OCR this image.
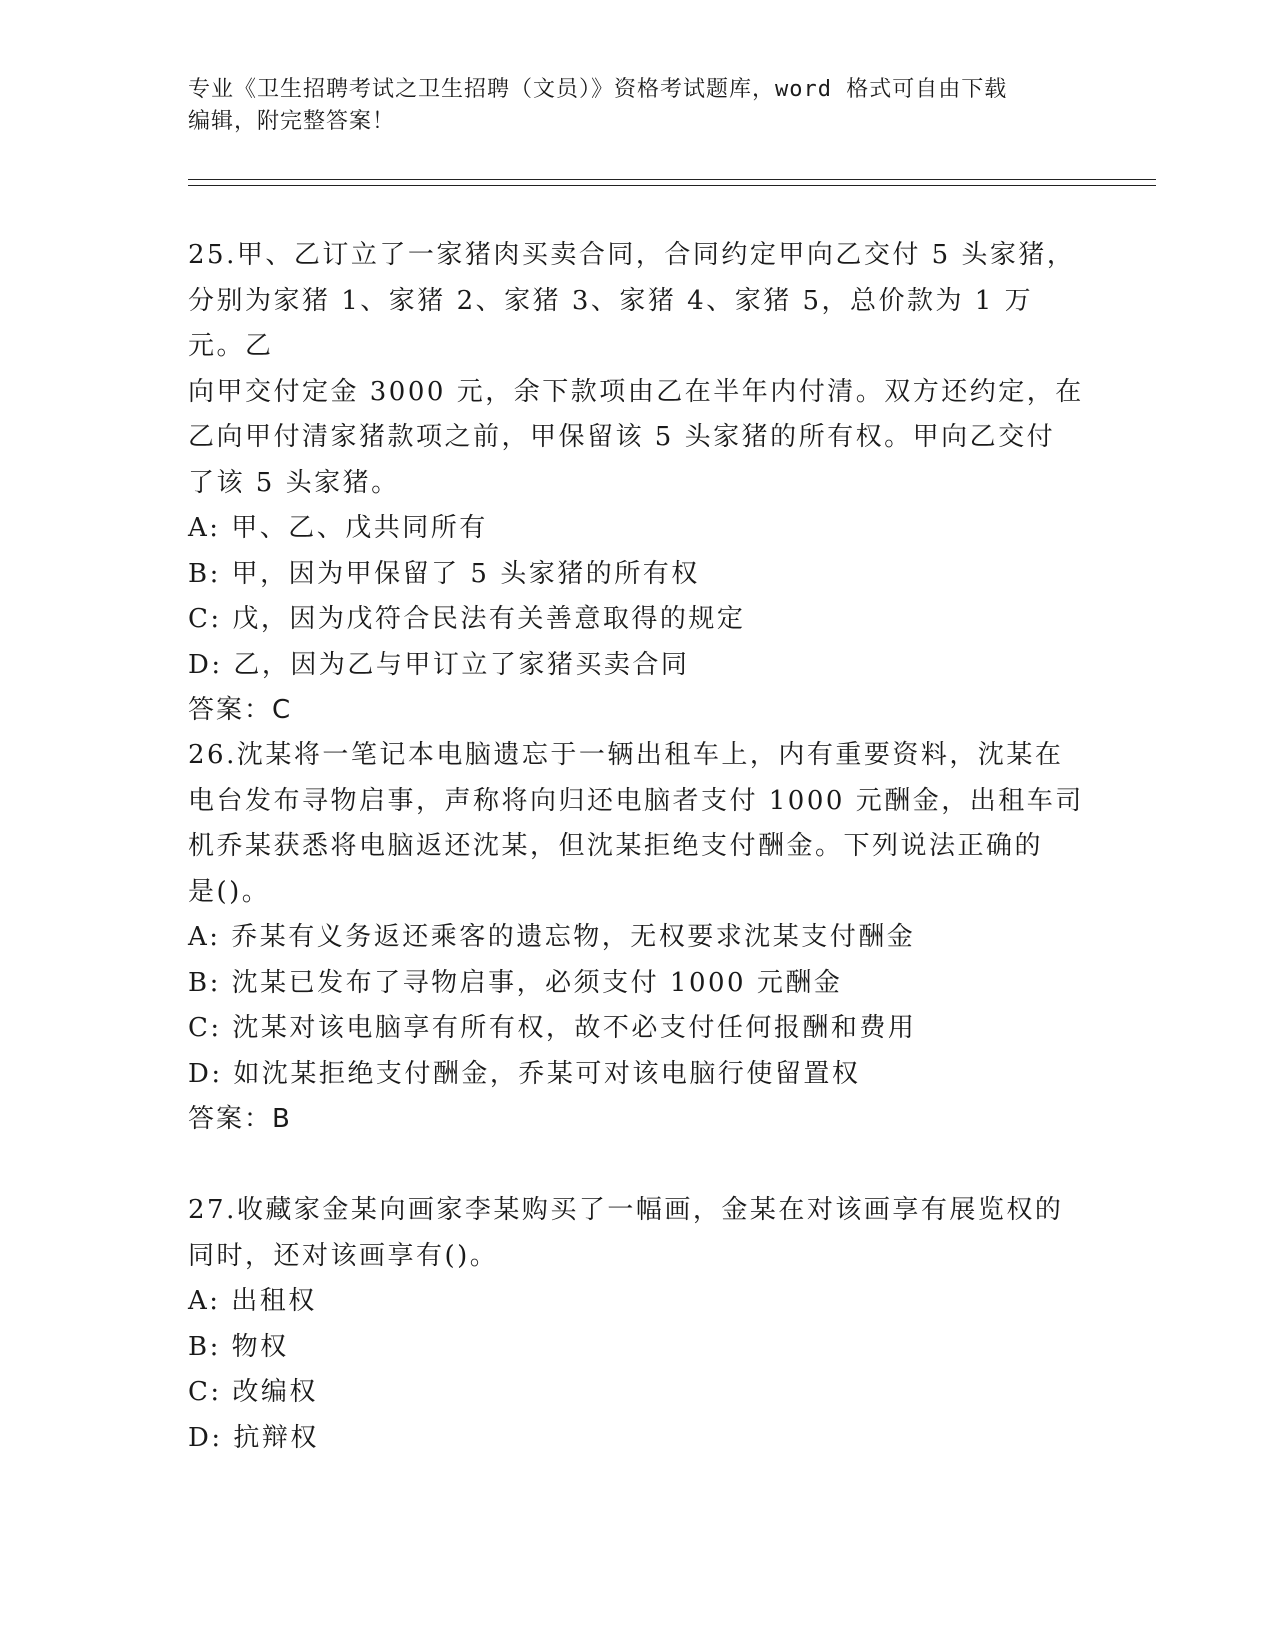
专业《卫生招聘考试之卫生招聘（文员）》资格考试题库，word 格式可自由下载
编辑，附完整答案！

25.甲、乙订立了一家猪肉买卖合同，合同约定甲向乙交付 5 头家猪，

分别为家猪 1、家猪 2、家猪 3、家猪 4、家猪 5，总价款为 1 万元。乙

向甲交付定金 3000 元，余下款项由乙在半年内付清。双方还约定，在

乙向甲付清家猪款项之前，甲保留该 5 头家猪的所有权。甲向乙交付

了该 5 头家猪。

A: 甲、乙、戊共同所有

B: 甲，因为甲保留了 5 头家猪的所有权

C: 戊，因为戊符合民法有关善意取得的规定

D: 乙，因为乙与甲订立了家猪买卖合同

答案：C

26.沈某将一笔记本电脑遗忘于一辆出租车上，内有重要资料，沈某在

电台发布寻物启事，声称将向归还电脑者支付 1000 元酬金，出租车司

机乔某获悉将电脑返还沈某，但沈某拒绝支付酬金。下列说法正确的

是()。

A: 乔某有义务返还乘客的遗忘物，无权要求沈某支付酬金

B: 沈某已发布了寻物启事，必须支付 1000 元酬金

C: 沈某对该电脑享有所有权，故不必支付任何报酬和费用

D: 如沈某拒绝支付酬金，乔某可对该电脑行使留置权

答案：B

27.收藏家金某向画家李某购买了一幅画，金某在对该画享有展览权的

同时，还对该画享有()。

A: 出租权

B: 物权

C: 改编权

D: 抗辩权
